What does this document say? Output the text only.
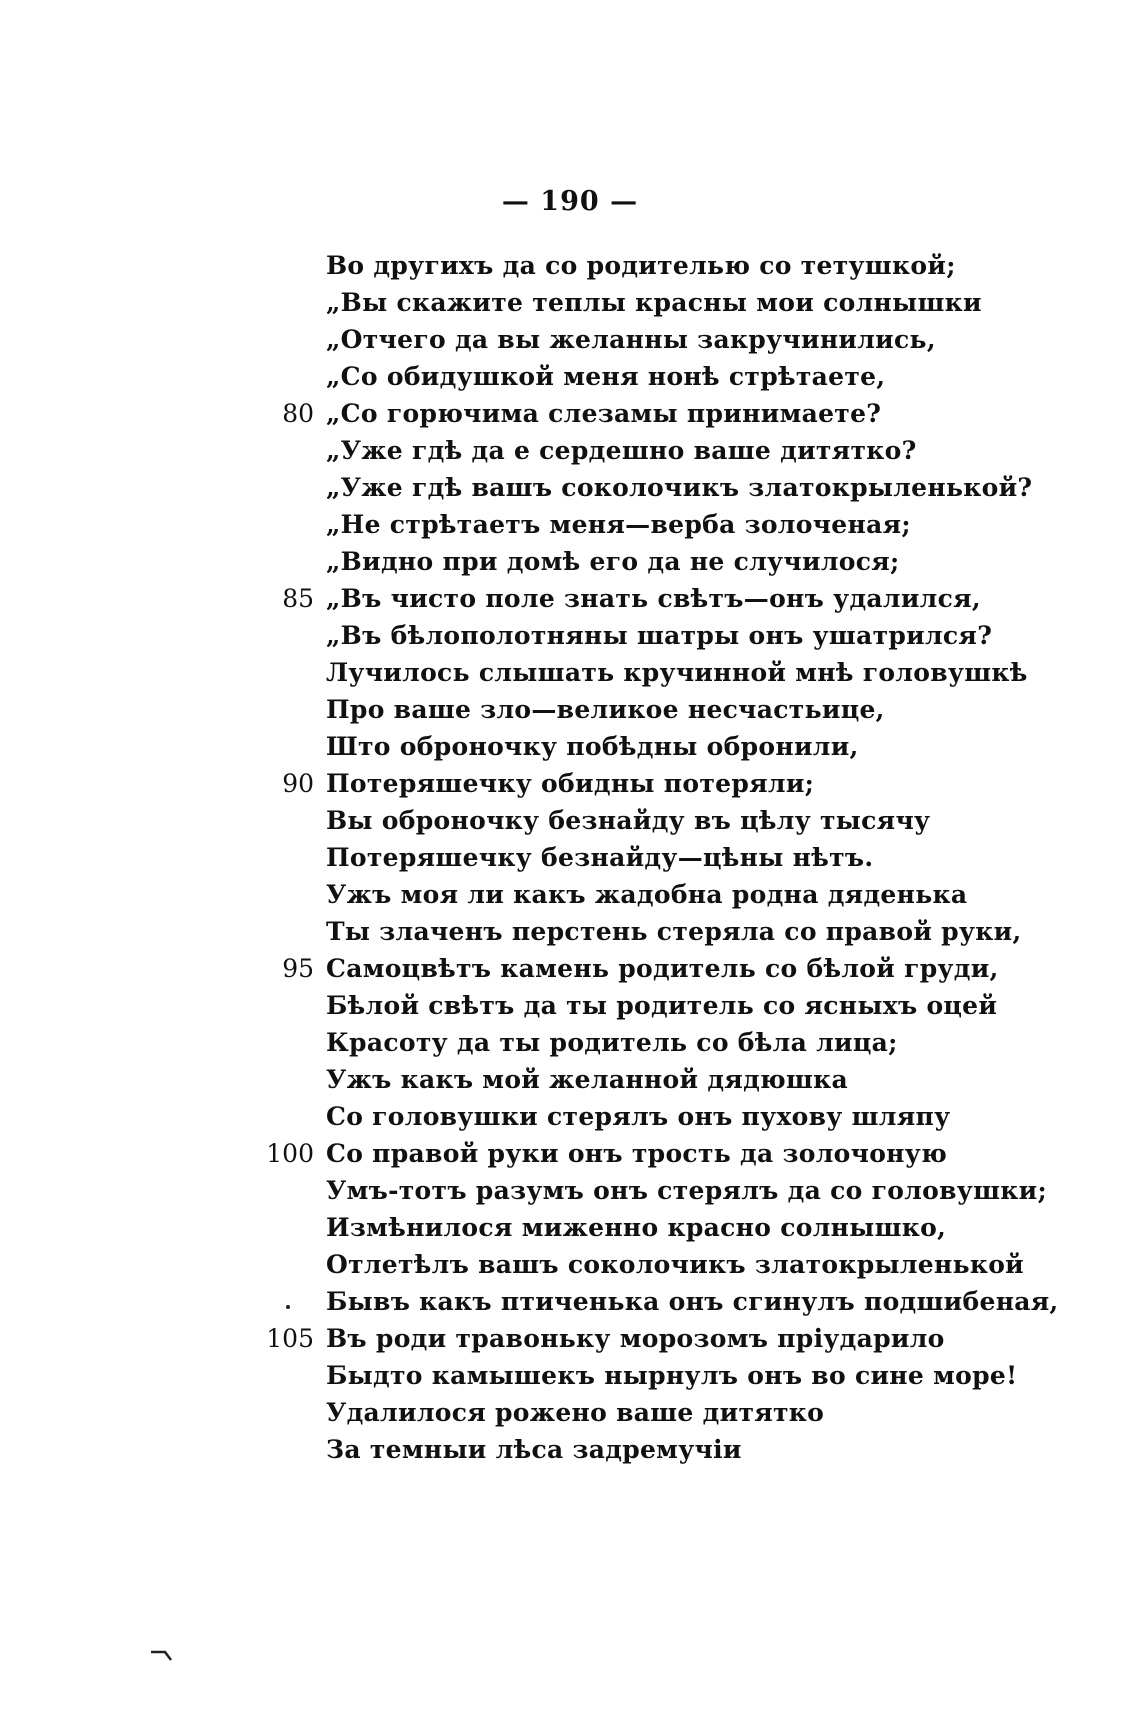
— 190 —
Во другихъ да со родителью со тетушкой;
„Вы скажите теплы красны мои солнышки
„Отчего да вы желанны закручинились,
„Со обидушкой меня нонѣ стрѣтаете,
80 „Со горючима слезамы принимаете?
„Уже гдѣ да е сердешно ваше дитятко?
„Уже гдѣ вашъ соколочикъ златокрыленькой?
„Не стрѣтаетъ меня—верба золоченая;
„Видно при домѣ его да не случилося;
85 „Въ чисто поле знать свѣтъ—онъ удалился,
„Въ бѣлополотняны шатры онъ ушатрился?
Лучилось слышать кручинной мнѣ головушкѣ
Про ваше зло—великое несчастьице,
Што оброночку побѣдны обронили,
90 Потеряшечку обидны потеряли;
Вы оброночку безнайду въ цѣлу тысячу
Потеряшечку безнайду—цѣны нѣтъ.
Ужъ моя ли какъ жадобна родна дяденька
Ты злаченъ перстень стеряла со правой руки,
95 Самоцвѣтъ камень родитель со бѣлой груди,
Бѣлой свѣтъ да ты родитель со ясныхъ оцей
Красоту да ты родитель со бѣла лица;
Ужъ какъ мой желанной дядюшка
Со головушки стерялъ онъ пухову шляпу
100 Со правой руки онъ трость да золочоную
Умъ-тотъ разумъ онъ стерялъ да со головушки;
Измѣнилося миженно красно солнышко,
Отлетѣлъ вашъ соколочикъ златокрыленькой
Бывъ какъ птиченька онъ сгинулъ подшибеная,
105 Въ роди травоньку морозомъ пріударило
Быдто камышекъ нырнулъ онъ во сине море!
Удалилося рожено ваше дитятко
За темныи лѣса задремучіи
